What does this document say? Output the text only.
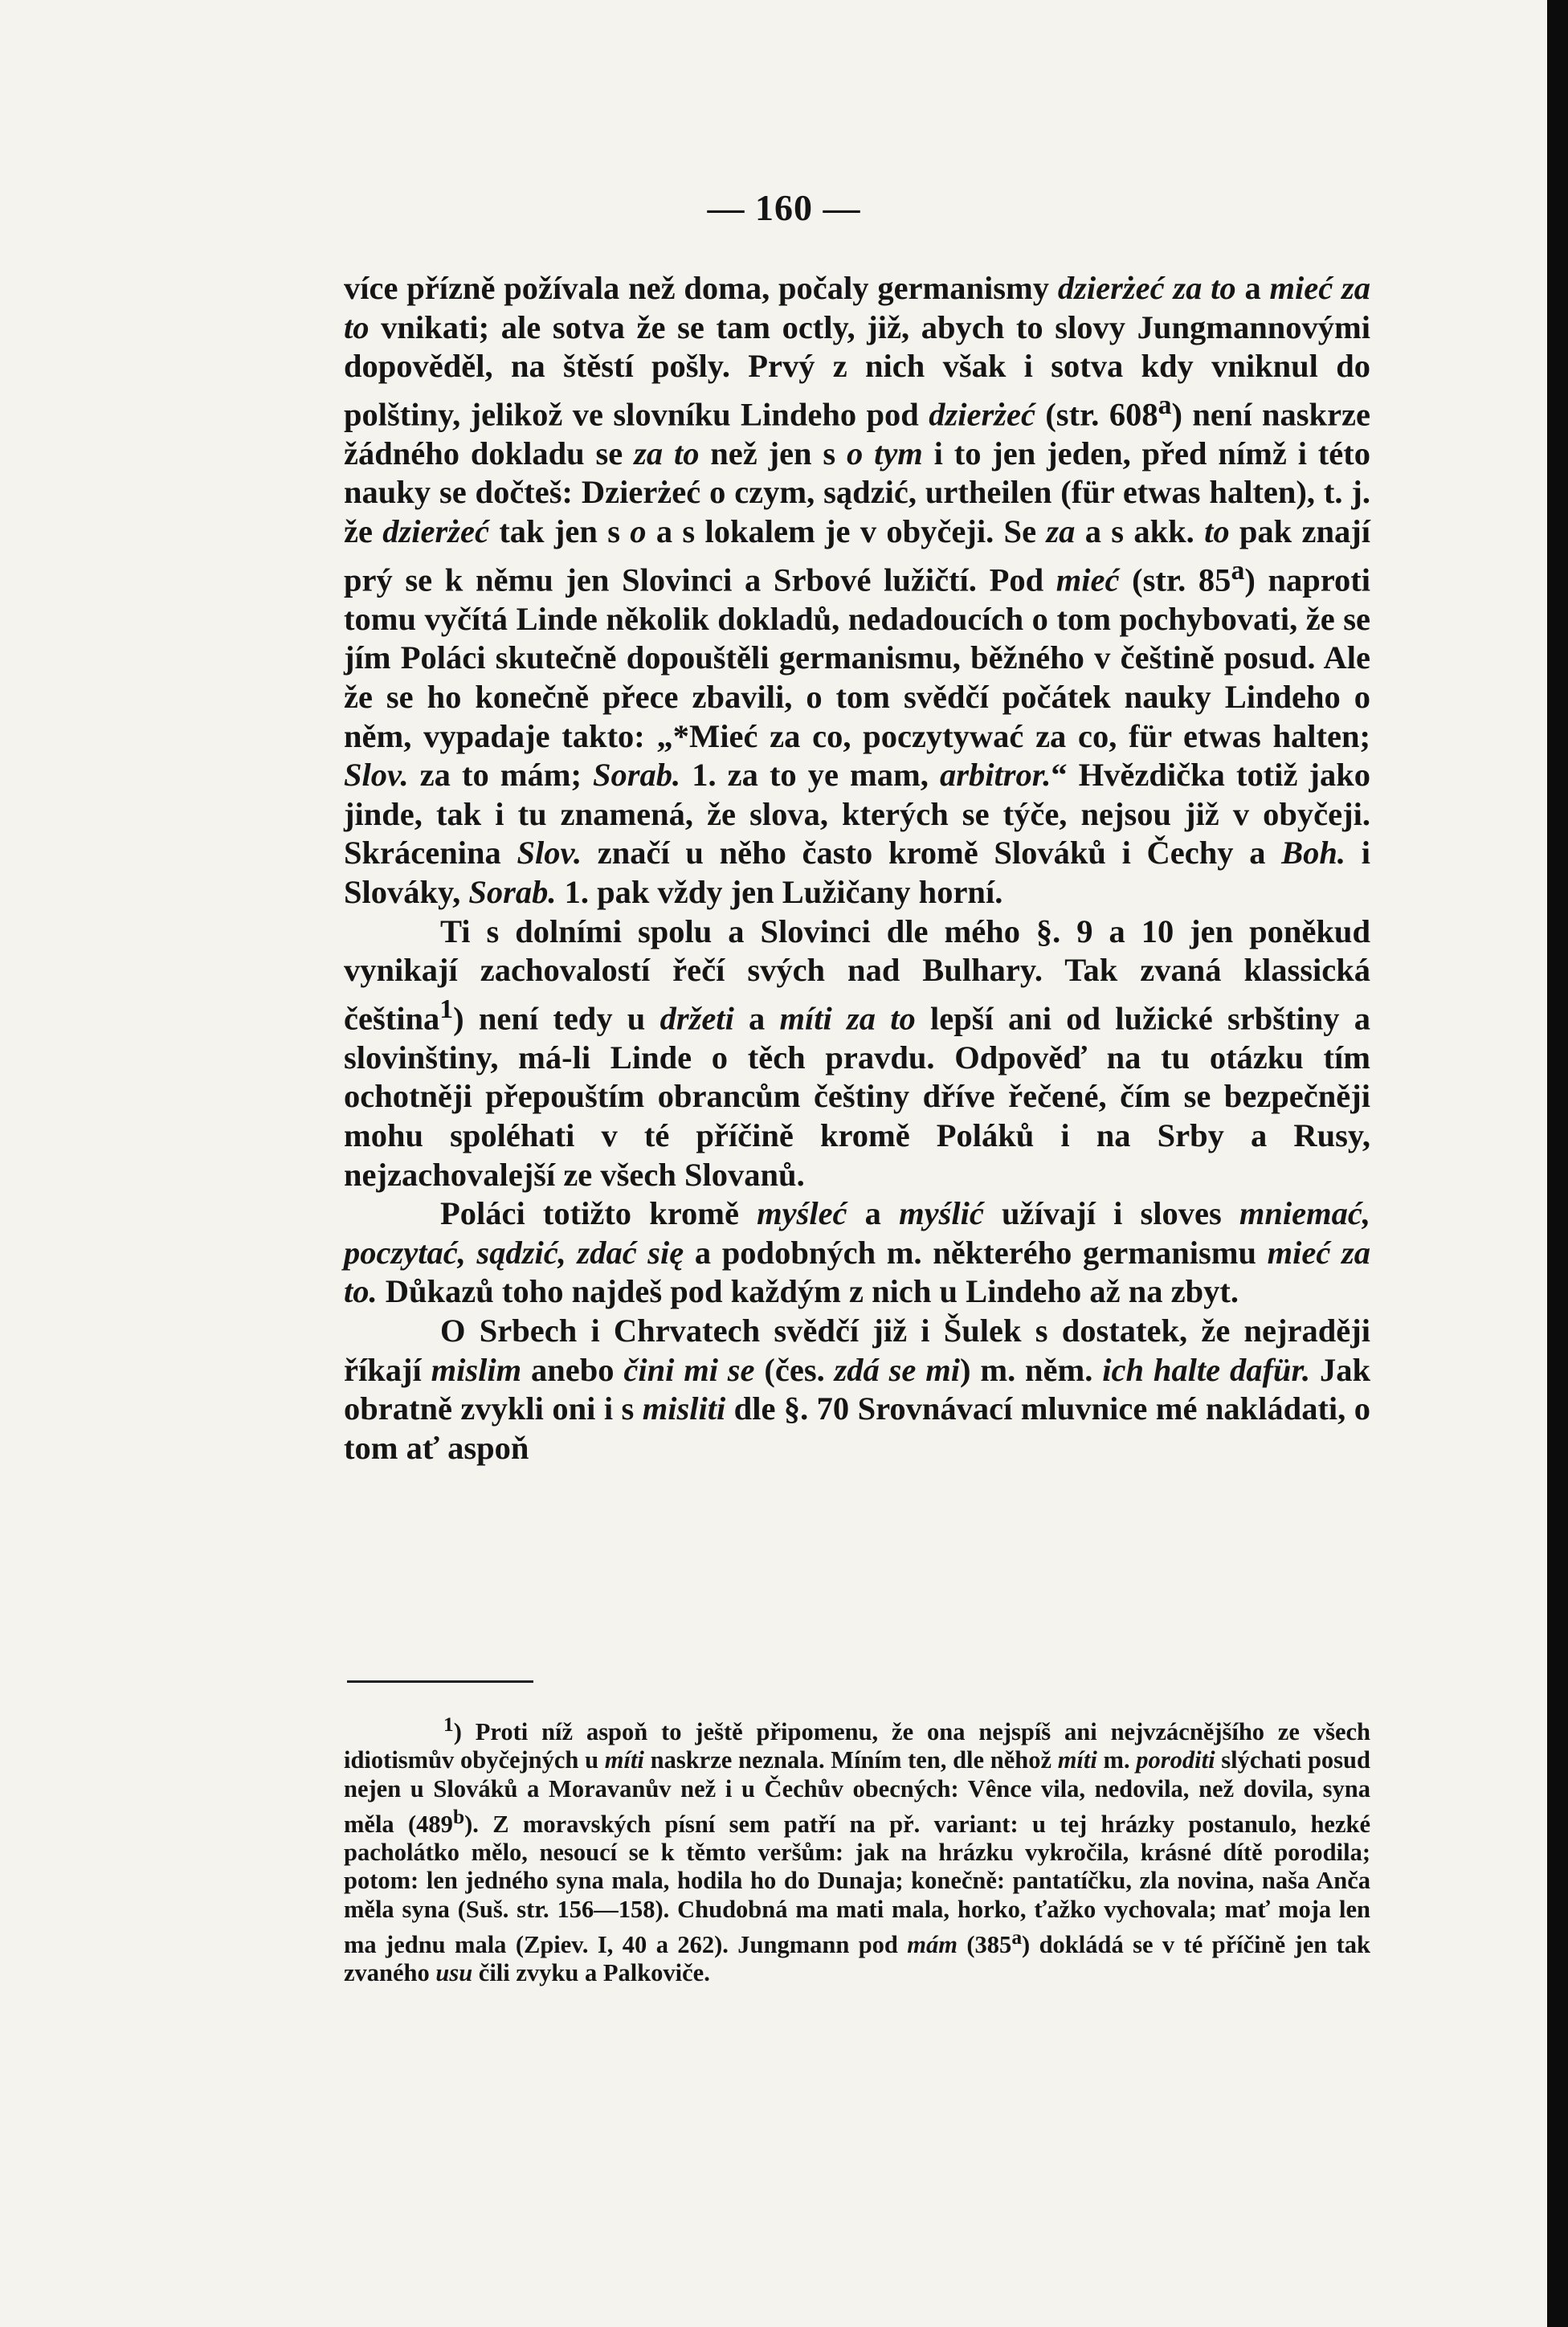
— 160 —

více přízně požívala než doma, počaly germanismy dzierżeć za to a mieć za to vnikati; ale sotva že se tam octly, již, abych to slovy Jungmannovými dopověděl, na štěstí pošly. Prvý z nich však i sotva kdy vniknul do polštiny, jelikož ve slovníku Lindeho pod dzierżeć (str. 608$^a$) není naskrze žádného dokladu se za to než jen s o tym i to jen jeden, před nímž i této nauky se dočteš: Dzierżeć o czym, sądzić, urtheilen (für etwas halten), t. j. že dzierżeć tak jen s o a s lokalem je v obyčeji. Se za a s akk. to pak znají prý se k němu jen Slovinci a Srbové lužičtí. Pod mieć (str. 85$^a$) naproti tomu vyčítá Linde několik dokladů, nedadoucích o tom pochybovati, že se jím Poláci skutečně dopouštěli germanismu, běžného v češtině posud. Ale že se ho konečně přece zbavili, o tom svědčí počátek nauky Lindeho o něm, vypadaje takto: „*Mieć za co, poczytywać za co, für etwas halten; Slov. za to mám; Sorab. 1. za to ye mam, arbitror.“ Hvězdička totiž jako jinde, tak i tu znamená, že slova, kterých se týče, nejsou již v obyčeji. Skrácenina Slov. značí u něho často kromě Slováků i Čechy a Boh. i Slováky, Sorab. 1. pak vždy jen Lužičany horní.

Ti s dolními spolu a Slovinci dle mého §. 9 a 10 jen poněkud vynikají zachovalostí řečí svých nad Bulhary. Tak zvaná klassická čeština$^1$) není tedy u držeti a míti za to lepší ani od lužické srbštiny a slovinštiny, má-li Linde o těch pravdu. Odpověď na tu otázku tím ochotněji přepouštím obrancům češtiny dříve řečené, čím se bezpečněji mohu spoléhati v té příčině kromě Poláků i na Srby a Rusy, nejzachovalejší ze všech Slovanů.

Poláci totižto kromě myśleć a myślić užívají i sloves mniemać, poczytać, sądzić, zdać się a podobných m. některého germanismu mieć za to. Důkazů toho najdeš pod každým z nich u Lindeho až na zbyt.

O Srbech i Chrvatech svědčí již i Šulek s dostatek, že nejraději říkají mislim anebo čini mi se (čes. zdá se mi) m. něm. ich halte dafür. Jak obratně zvykli oni i s misliti dle §. 70 Srovnávací mluvnice mé nakládati, o tom ať aspoň

$^1$) Proti níž aspoň to ještě připomenu, že ona nejspíš ani nejvzácnějšího ze všech idiotismův obyčejných u míti naskrze neznala. Míním ten, dle něhož míti m. poroditi slýchati posud nejen u Slováků a Moravanův než i u Čechův obecných: Vênce vila, nedovila, než dovila, syna měla (489$^b$). Z moravských písní sem patří na př. variant: u tej hrázky postanulo, hezké pacholátko mělo, nesoucí se k těmto veršům: jak na hrázku vykročila, krásné dítě porodila; potom: len jedného syna mala, hodila ho do Dunaja; konečně: pantatíčku, zla novina, naša Anča měla syna (Suš. str. 156—158). Chudobná ma mati mala, horko, ťažko vychovala; mať moja len ma jednu mala (Zpiev. I, 40 a 262). Jungmann pod mám (385$^a$) dokládá se v té příčině jen tak zvaného usu čili zvyku a Palkoviče.
